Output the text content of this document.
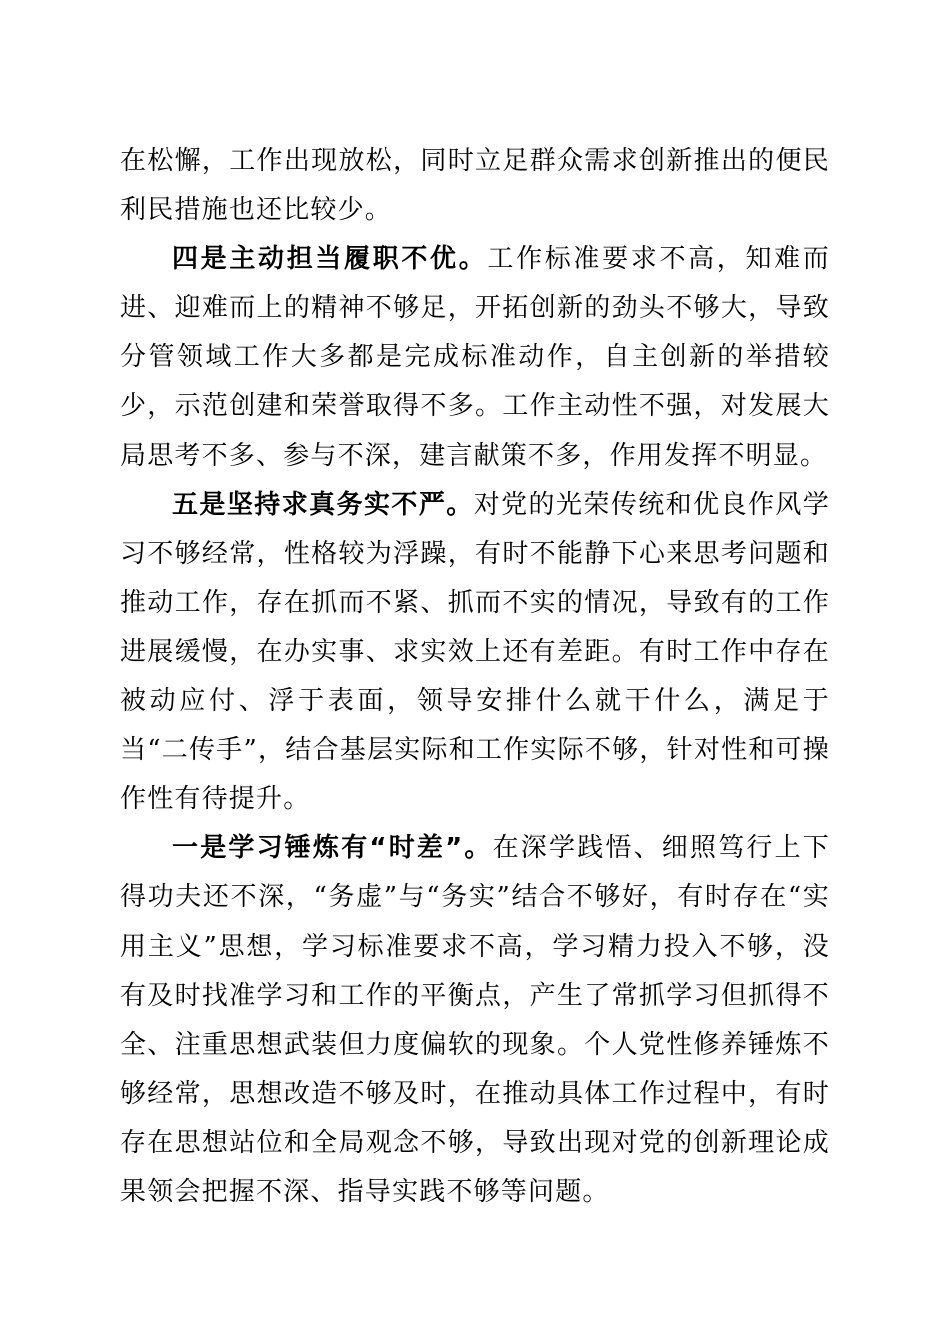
在松懈，工作出现放松，同时立足群众需求创新推出的便民利民措施也还比较少。

四是主动担当履职不优。工作标准要求不高，知难而进、迎难而上的精神不够足，开拓创新的劲头不够大，导致分管领域工作大多都是完成标准动作，自主创新的举措较少，示范创建和荣誉取得不多。工作主动性不强，对发展大局思考不多、参与不深，建言献策不多，作用发挥不明显。

五是坚持求真务实不严。对党的光荣传统和优良作风学习不够经常，性格较为浮躁，有时不能静下心来思考问题和推动工作，存在抓而不紧、抓而不实的情况，导致有的工作进展缓慢，在办实事、求实效上还有差距。有时工作中存在被动应付、浮于表面，领导安排什么就干什么，满足于当“二传手”，结合基层实际和工作实际不够，针对性和可操作性有待提升。

一是学习锤炼有“时差”。在深学践悟、细照笃行上下得功夫还不深，“务虚”与“务实”结合不够好，有时存在“实用主义”思想，学习标准要求不高，学习精力投入不够，没有及时找准学习和工作的平衡点，产生了常抓学习但抓得不全、注重思想武装但力度偏软的现象。个人党性修养锤炼不够经常，思想改造不够及时，在推动具体工作过程中，有时存在思想站位和全局观念不够，导致出现对党的创新理论成果领会把握不深、指导实践不够等问题。
